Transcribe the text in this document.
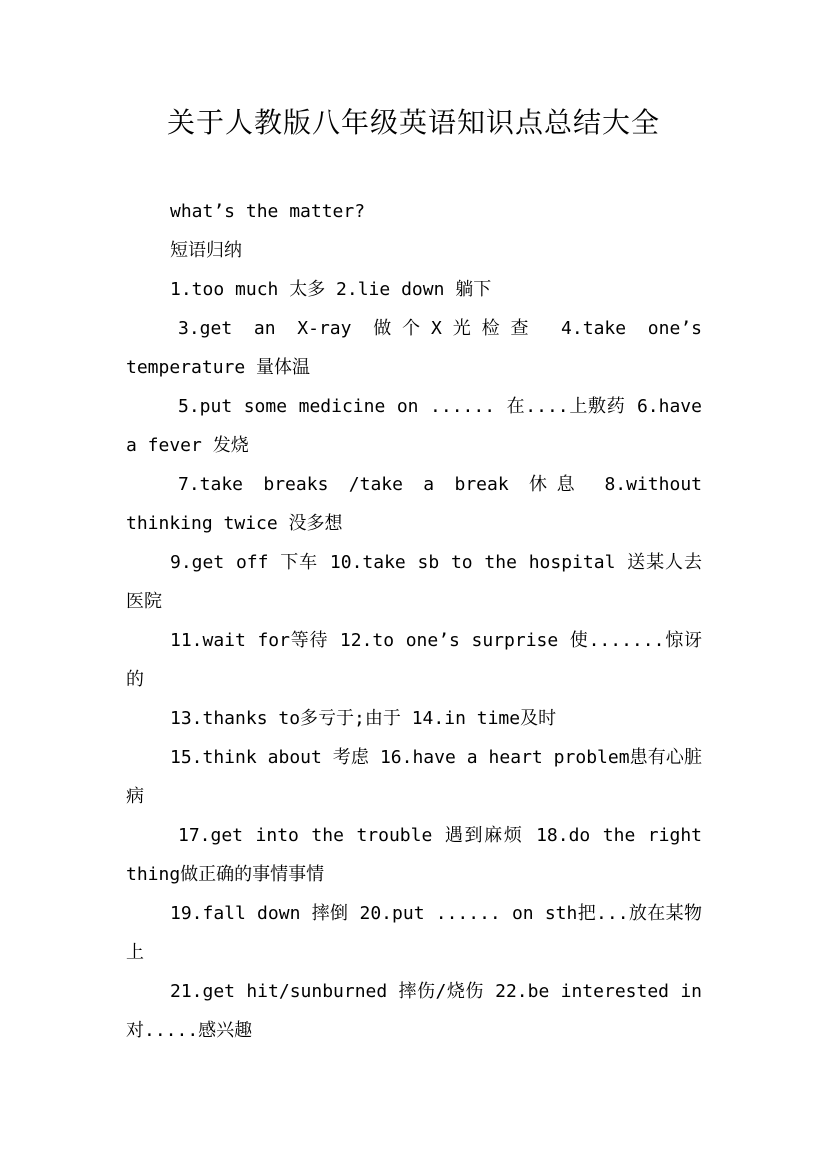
关于人教版八年级英语知识点总结大全

what’s the matter?

短语归纳

1.too much 太多 2.lie down 躺下

3.get an X-ray 做个X光检查 4.take one’s temperature 量体温

5.put some medicine on ...... 在....上敷药 6.have a fever 发烧

7.take breaks /take a break 休息 8.without thinking twice 没多想

9.get off 下车 10.take sb to the hospital 送某人去医院

11.wait for等待 12.to one’s surprise 使.......惊讶的

13.thanks to多亏于;由于 14.in time及时

15.think about 考虑 16.have a heart problem患有心脏病

17.get into the trouble 遇到麻烦 18.do the right thing做正确的事情事情

19.fall down 摔倒 20.put ...... on sth把...放在某物上

21.get hit/sunburned 摔伤/烧伤 22.be interested in 对.....感兴趣
